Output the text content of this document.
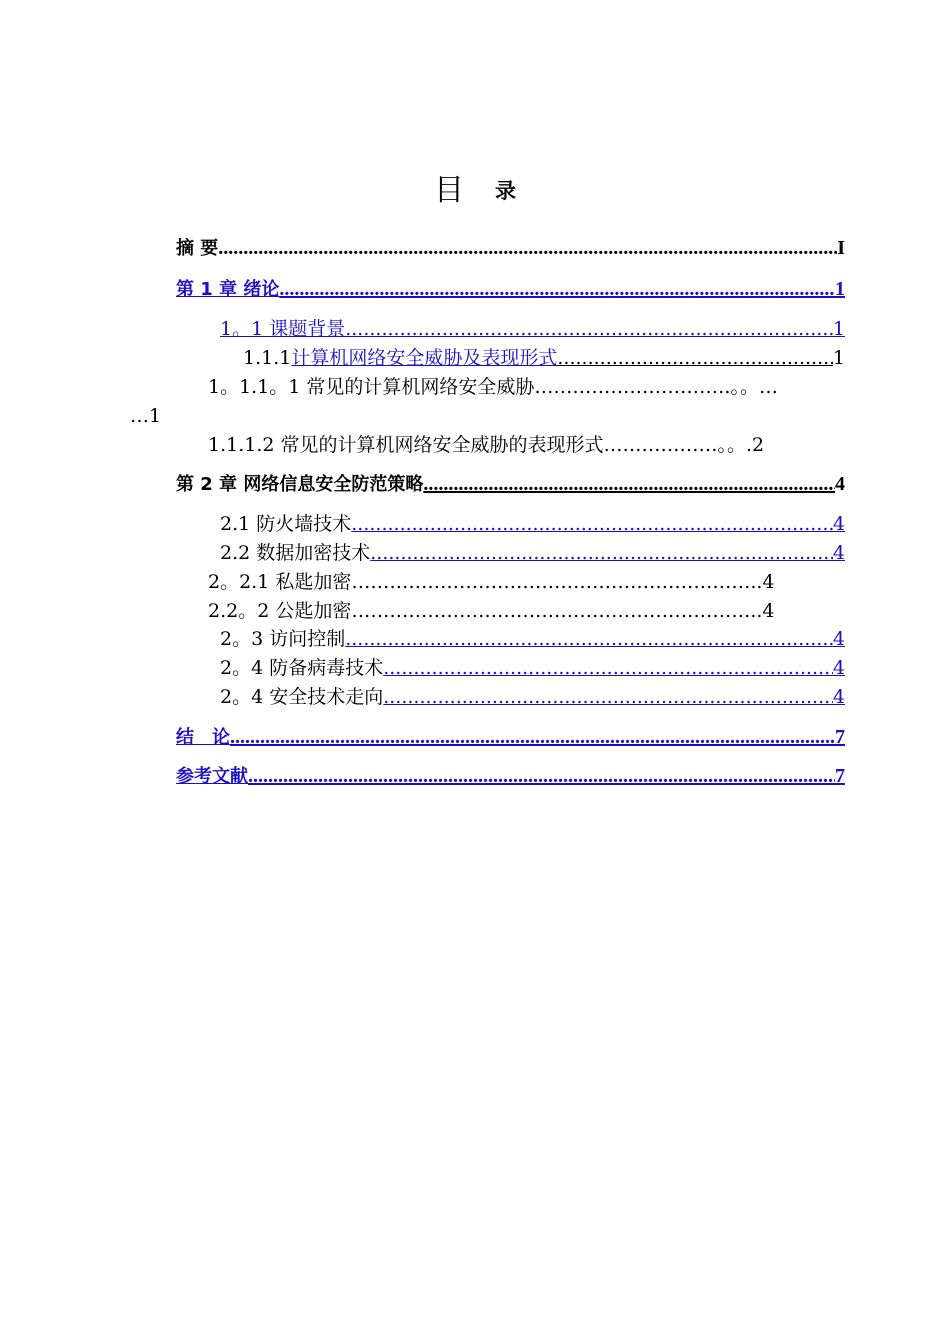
目 录
摘 要 .....	I
第 1 章 绪论 .....	1
1。1 课题背景 .....	1
1.1.1 计算机网络安全威胁及表现形式 .....	1
1。1.1。1 常见的计算机网络安全威胁………………………….。。…
…1
1.1.1.2 常见的计算机网络安全威胁的表现形式………………。。.2
第 2 章 网络信息安全防范策略 .....	4
2.1 防火墙技术 .....	4
2.2 数据加密技术 .....	4
2。2.1 私匙加密………………………………………………………..4
2.2。2 公匙加密………………………………………………………..4
2。3 访问控制 .....	4
2。4 防备病毒技术 .....	4
2。4 安全技术走向 .....	4
结　论 .....	7
参考文献 .....	7
